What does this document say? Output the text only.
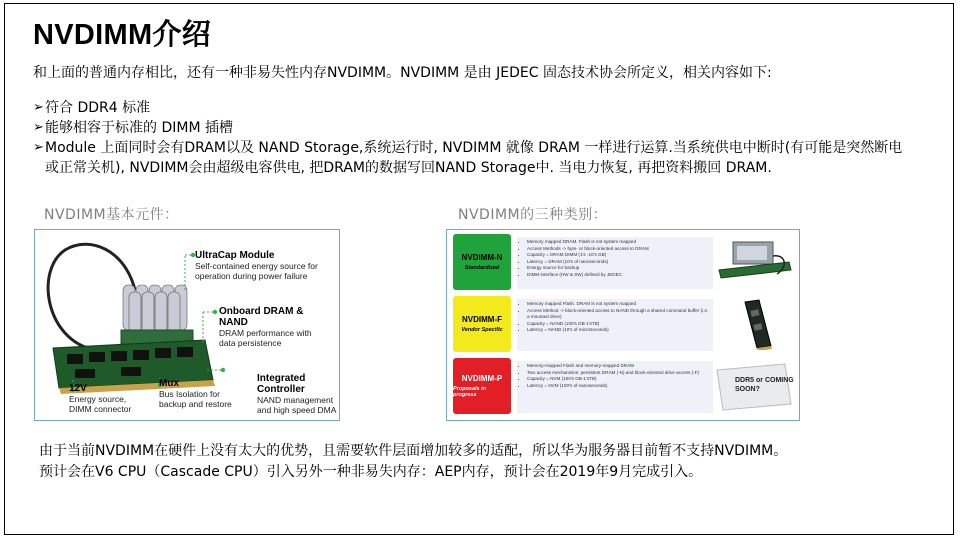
NVDIMM介绍
和上面的普通内存相比，还有一种非易失性内存NVDIMM。NVDIMM 是由 JEDEC 固态技术协会所定义，相关内容如下:
➢ 符合 DDR4 标准
➢ 能够相容于标准的 DIMM 插槽
➢ Module 上面同时会有DRAM以及 NAND Storage,系统运行时, NVDIMM 就像 DRAM 一样进行运算.当系统供电中断时(有可能是突然断电或正常关机), NVDIMM会由超级电容供电, 把DRAM的数据写回NAND Storage中. 当电力恢复, 再把资料搬回 DRAM.
NVDIMM基本元件：	NVDIMM的三种类别：
UltraCap Module
Self-contained energy source for operation during power failure
Onboard DRAM & NAND
DRAM performance with data persistence
12V
Energy source, DIMM connector
Mux
Bus Isolation for backup and restore
Integrated Controller
NAND management and high speed DMA
NVDIMM-N
Standardized
• Memory mapped DRAM. Flash is not system mapped
• Access Methods -> byte- or block-oriented access to DRAM
• Capacity = DRAM DIMM (1's -10's GB)
• Latency = DRAM (10's of nanoseconds)
• Energy source for backup
• DIMM interface (HW & SW) defined by JEDEC
NVDIMM-F
Vendor Specific
• Memory mapped Flash. DRAM is not system mapped
• Access Method -> block-oriented access to NAND through a shared command buffer (i.e. a mounted drive)
• Capacity = NAND (100's GB-1'sTB)
• Latency = NAND (10's of microseconds)
NVDIMM-P
Proposals in progress
• Memory-mapped Flash and memory-mapped DRAM
• Two access mechanisms: persistent DRAM (-N) and block-oriented drive access (-F)
• Capacity = NVM (100's GB-1'sTB)
• Latency = NVM (100's of nanoseconds)
DDR5 or COMING SOON?
由于当前NVDIMM在硬件上没有太大的优势，且需要软件层面增加较多的适配，所以华为服务器目前暂不支持NVDIMM。
预计会在V6 CPU（Cascade CPU）引入另外一种非易失内存：AEP内存，预计会在2019年9月完成引入。
